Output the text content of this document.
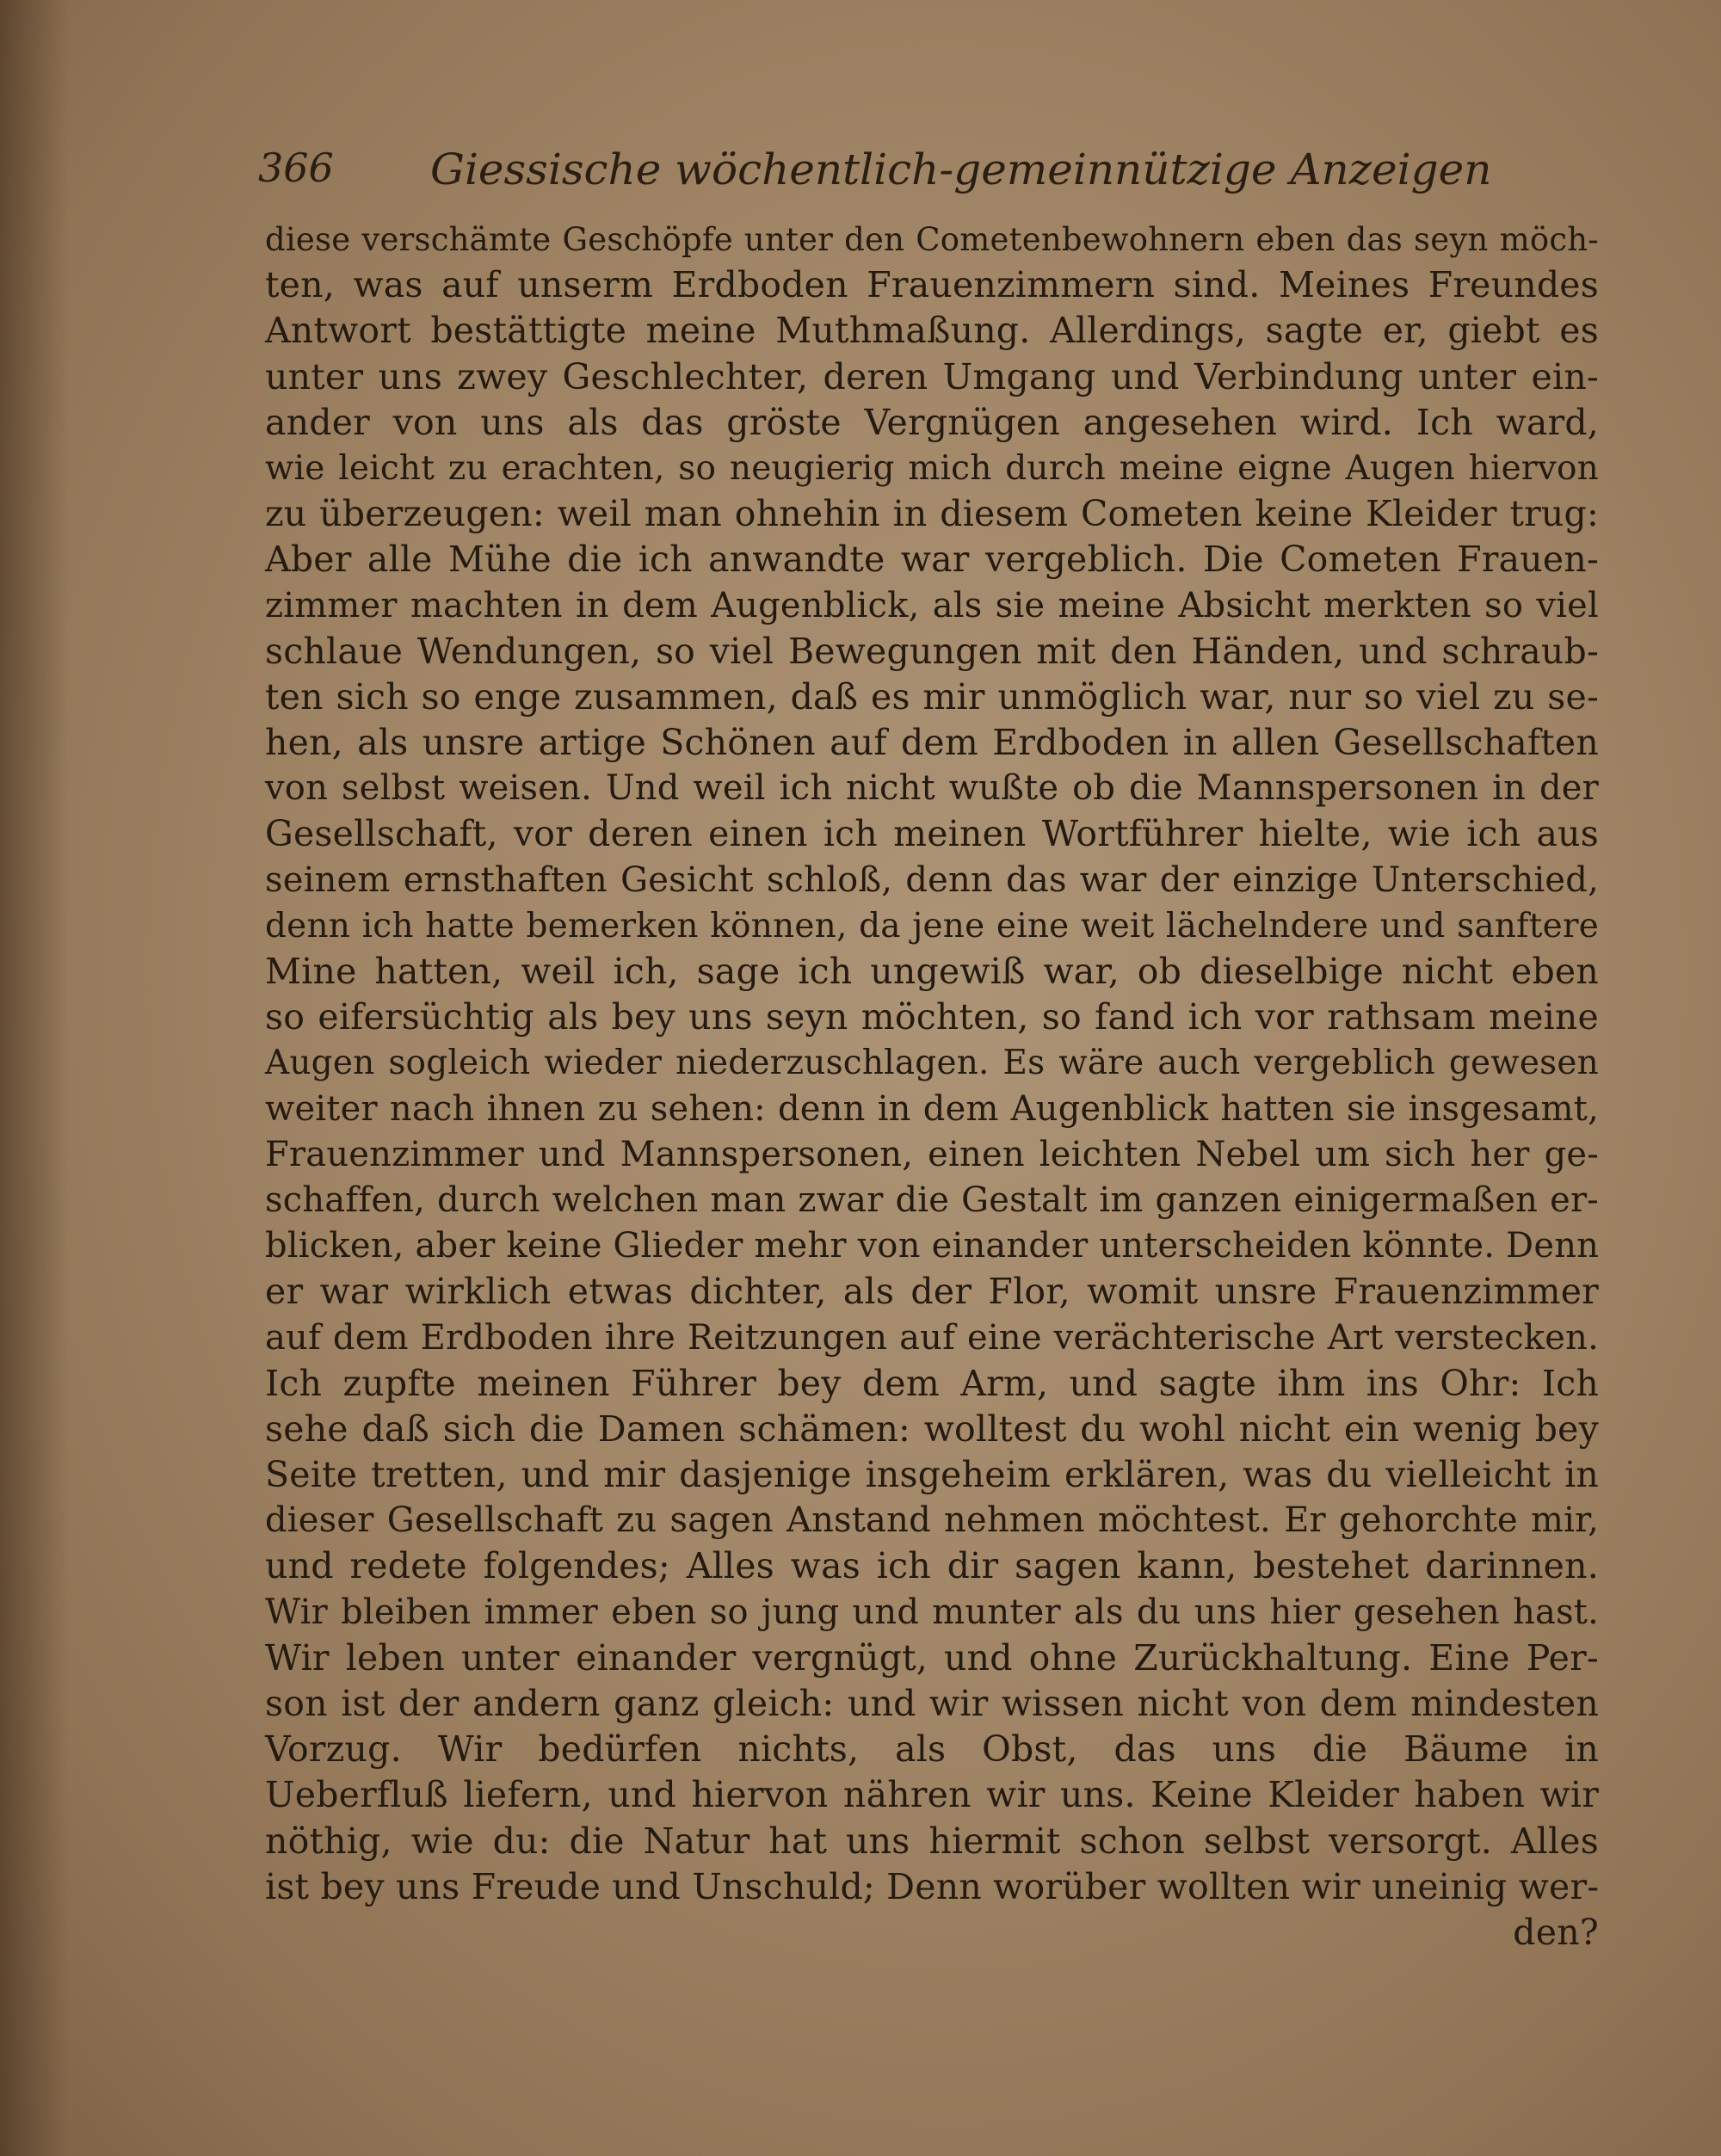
366 Giessische wöchentlich-gemeinnützige Anzeigen
diese verschämte Geschöpfe unter den Cometenbewohnern eben das seyn möch-
ten, was auf unserm Erdboden Frauenzimmern sind. Meines Freundes
Antwort bestättigte meine Muthmaßung. Allerdings, sagte er, giebt es
unter uns zwey Geschlechter, deren Umgang und Verbindung unter ein-
ander von uns als das gröste Vergnügen angesehen wird. Ich ward,
wie leicht zu erachten, so neugierig mich durch meine eigne Augen hiervon
zu überzeugen: weil man ohnehin in diesem Cometen keine Kleider trug:
Aber alle Mühe die ich anwandte war vergeblich. Die Cometen Frauen-
zimmer machten in dem Augenblick, als sie meine Absicht merkten so viel
schlaue Wendungen, so viel Bewegungen mit den Händen, und schraub-
ten sich so enge zusammen, daß es mir unmöglich war, nur so viel zu se-
hen, als unsre artige Schönen auf dem Erdboden in allen Gesellschaften
von selbst weisen. Und weil ich nicht wußte ob die Mannspersonen in der
Gesellschaft, vor deren einen ich meinen Wortführer hielte, wie ich aus
seinem ernsthaften Gesicht schloß, denn das war der einzige Unterschied,
denn ich hatte bemerken können, da jene eine weit lächelndere und sanftere
Mine hatten, weil ich, sage ich ungewiß war, ob dieselbige nicht eben
so eifersüchtig als bey uns seyn möchten, so fand ich vor rathsam meine
Augen sogleich wieder niederzuschlagen. Es wäre auch vergeblich gewesen
weiter nach ihnen zu sehen: denn in dem Augenblick hatten sie insgesamt,
Frauenzimmer und Mannspersonen, einen leichten Nebel um sich her ge-
schaffen, durch welchen man zwar die Gestalt im ganzen einigermaßen er-
blicken, aber keine Glieder mehr von einander unterscheiden könnte. Denn
er war wirklich etwas dichter, als der Flor, womit unsre Frauenzimmer
auf dem Erdboden ihre Reitzungen auf eine verächterische Art verstecken.
Ich zupfte meinen Führer bey dem Arm, und sagte ihm ins Ohr: Ich
sehe daß sich die Damen schämen: wolltest du wohl nicht ein wenig bey
Seite tretten, und mir dasjenige insgeheim erklären, was du vielleicht in
dieser Gesellschaft zu sagen Anstand nehmen möchtest. Er gehorchte mir,
und redete folgendes; Alles was ich dir sagen kann, bestehet darinnen.
Wir bleiben immer eben so jung und munter als du uns hier gesehen hast.
Wir leben unter einander vergnügt, und ohne Zurückhaltung. Eine Per-
son ist der andern ganz gleich: und wir wissen nicht von dem mindesten
Vorzug. Wir bedürfen nichts, als Obst, das uns die Bäume in
Ueberfluß liefern, und hiervon nähren wir uns. Keine Kleider haben wir
nöthig, wie du: die Natur hat uns hiermit schon selbst versorgt. Alles
ist bey uns Freude und Unschuld; Denn worüber wollten wir uneinig wer-
den?
